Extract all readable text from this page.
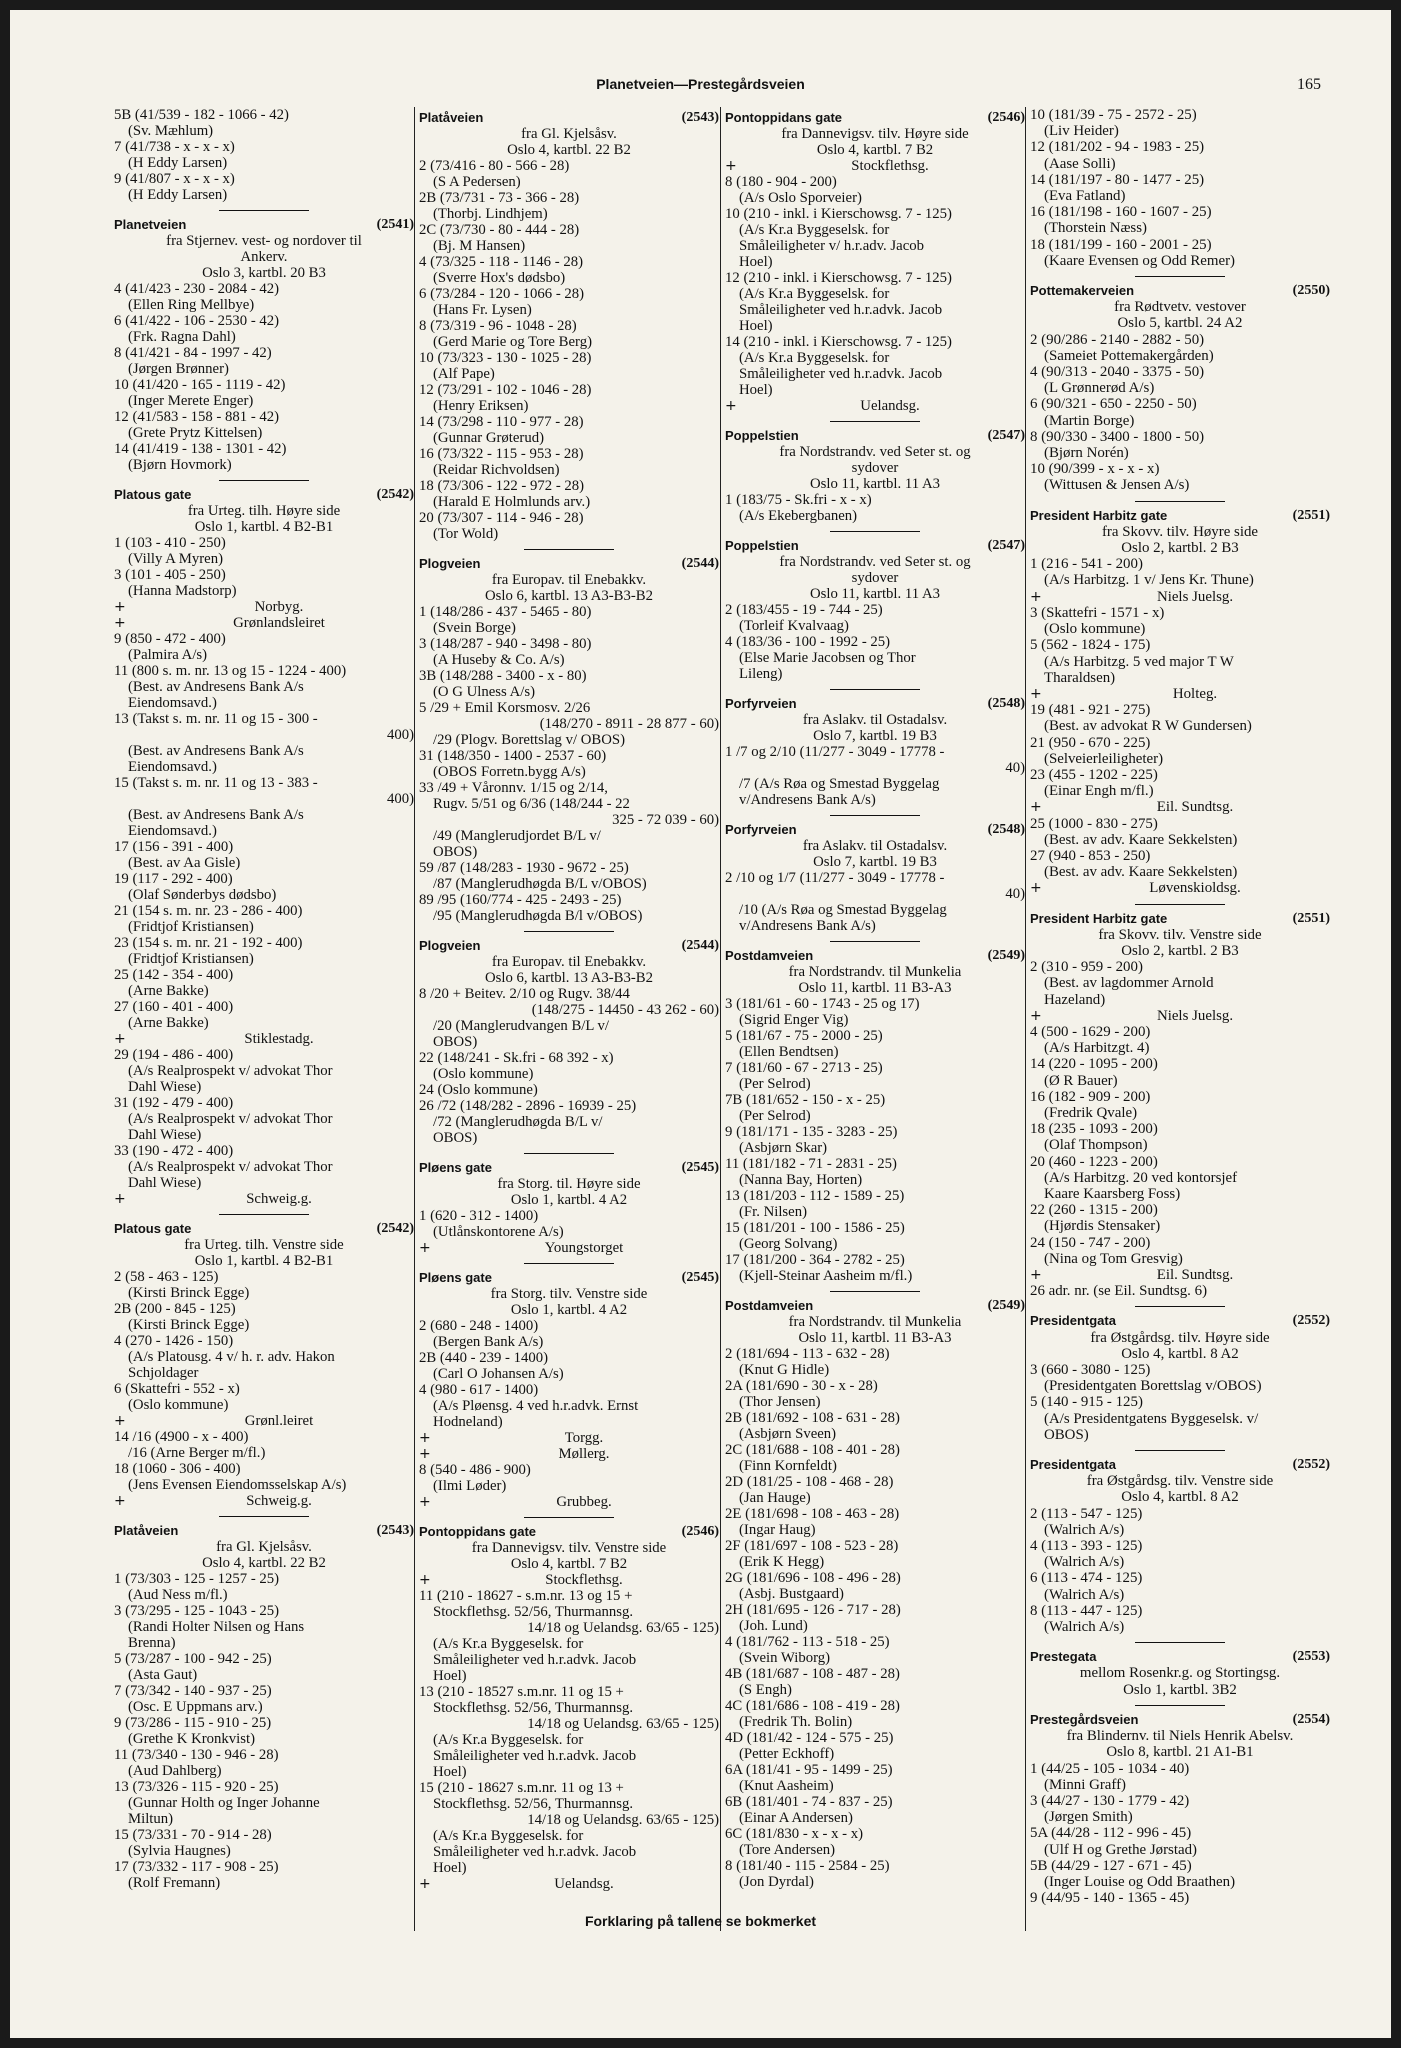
Planetveien—Prestegårdsveien	165
5B (41/539 - 182 - 1066 - 42)
(Sv. Mæhlum)
7 (41/738 - x - x - x)
(H Eddy Larsen)
9 (41/807 - x - x - x)
(H Eddy Larsen)
Planetveien	(2541)
fra Stjernev. vest- og nordover til
Ankerv.
Oslo 3, kartbl. 20 B3
4 (41/423 - 230 - 2084 - 42)
(Ellen Ring Mellbye)
6 (41/422 - 106 - 2530 - 42)
(Frk. Ragna Dahl)
8 (41/421 - 84 - 1997 - 42)
(Jørgen Brønner)
10 (41/420 - 165 - 1119 - 42)
(Inger Merete Enger)
12 (41/583 - 158 - 881 - 42)
(Grete Prytz Kittelsen)
14 (41/419 - 138 - 1301 - 42)
(Bjørn Hovmork)
Platous gate	(2542)
fra Urteg. tilh. Høyre side
Oslo 1, kartbl. 4 B2-B1
1 (103 - 410 - 250)
(Villy A Myren)
3 (101 - 405 - 250)
(Hanna Madstorp)
+	Norbyg.
+	Grønlandsleiret
9 (850 - 472 - 400)
(Palmira A/s)
11 (800 s. m. nr. 13 og 15 - 1224 - 400)
(Best. av Andresens Bank A/s
Eiendomsavd.)
13 (Takst s. m. nr. 11 og 15 - 300 -
400)
(Best. av Andresens Bank A/s
Eiendomsavd.)
15 (Takst s. m. nr. 11 og 13 - 383 -
400)
(Best. av Andresens Bank A/s
Eiendomsavd.)
17 (156 - 391 - 400)
(Best. av Aa Gisle)
19 (117 - 292 - 400)
(Olaf Sønderbys dødsbo)
21 (154 s. m. nr. 23 - 286 - 400)
(Fridtjof Kristiansen)
23 (154 s. m. nr. 21 - 192 - 400)
(Fridtjof Kristiansen)
25 (142 - 354 - 400)
(Arne Bakke)
27 (160 - 401 - 400)
(Arne Bakke)
+	Stiklestadg.
29 (194 - 486 - 400)
(A/s Realprospekt v/ advokat Thor
Dahl Wiese)
31 (192 - 479 - 400)
(A/s Realprospekt v/ advokat Thor
Dahl Wiese)
33 (190 - 472 - 400)
(A/s Realprospekt v/ advokat Thor
Dahl Wiese)
+	Schweig.g.
Platous gate	(2542)
fra Urteg. tilh. Venstre side
Oslo 1, kartbl. 4 B2-B1
2 (58 - 463 - 125)
(Kirsti Brinck Egge)
2B (200 - 845 - 125)
(Kirsti Brinck Egge)
4 (270 - 1426 - 150)
(A/s Platousg. 4 v/ h. r. adv. Hakon
Schjoldager
6 (Skattefri - 552 - x)
(Oslo kommune)
+	Grønl.leiret
14 /16 (4900 - x - 400)
/16 (Arne Berger m/fl.)
18 (1060 - 306 - 400)
(Jens Evensen Eiendomsselskap A/s)
+	Schweig.g.
Platåveien	(2543)
fra Gl. Kjelsåsv.
Oslo 4, kartbl. 22 B2
1 (73/303 - 125 - 1257 - 25)
(Aud Ness m/fl.)
3 (73/295 - 125 - 1043 - 25)
(Randi Holter Nilsen og Hans
Brenna)
5 (73/287 - 100 - 942 - 25)
(Asta Gaut)
7 (73/342 - 140 - 937 - 25)
(Osc. E Uppmans arv.)
9 (73/286 - 115 - 910 - 25)
(Grethe K Kronkvist)
11 (73/340 - 130 - 946 - 28)
(Aud Dahlberg)
13 (73/326 - 115 - 920 - 25)
(Gunnar Holth og Inger Johanne
Miltun)
15 (73/331 - 70 - 914 - 28)
(Sylvia Haugnes)
17 (73/332 - 117 - 908 - 25)
(Rolf Fremann)
Platåveien	(2543)
fra Gl. Kjelsåsv.
Oslo 4, kartbl. 22 B2
2 (73/416 - 80 - 566 - 28)
(S A Pedersen)
2B (73/731 - 73 - 366 - 28)
(Thorbj. Lindhjem)
2C (73/730 - 80 - 444 - 28)
(Bj. M Hansen)
4 (73/325 - 118 - 1146 - 28)
(Sverre Hox's dødsbo)
6 (73/284 - 120 - 1066 - 28)
(Hans Fr. Lysen)
8 (73/319 - 96 - 1048 - 28)
(Gerd Marie og Tore Berg)
10 (73/323 - 130 - 1025 - 28)
(Alf Pape)
12 (73/291 - 102 - 1046 - 28)
(Henry Eriksen)
14 (73/298 - 110 - 977 - 28)
(Gunnar Grøterud)
16 (73/322 - 115 - 953 - 28)
(Reidar Richvoldsen)
18 (73/306 - 122 - 972 - 28)
(Harald E Holmlunds arv.)
20 (73/307 - 114 - 946 - 28)
(Tor Wold)
Plogveien	(2544)
fra Europav. til Enebakkv.
Oslo 6, kartbl. 13 A3-B3-B2
1 (148/286 - 437 - 5465 - 80)
(Svein Borge)
3 (148/287 - 940 - 3498 - 80)
(A Huseby & Co. A/s)
3B (148/288 - 3400 - x - 80)
(O G Ulness A/s)
5 /29 + Emil Korsmosv. 2/26
(148/270 - 8911 - 28 877 - 60)
/29 (Plogv. Borettslag v/ OBOS)
31 (148/350 - 1400 - 2537 - 60)
(OBOS Forretn.bygg A/s)
33 /49 + Våronnv. 1/15 og 2/14,
Rugv. 5/51 og 6/36 (148/244 - 22
325 - 72 039 - 60)
/49 (Manglerudjordet B/L v/
OBOS)
59 /87 (148/283 - 1930 - 9672 - 25)
/87 (Manglerudhøgda B/L v/OBOS)
89 /95 (160/774 - 425 - 2493 - 25)
/95 (Manglerudhøgda B/l v/OBOS)
Plogveien	(2544)
fra Europav. til Enebakkv.
Oslo 6, kartbl. 13 A3-B3-B2
8 /20 + Beitev. 2/10 og Rugv. 38/44
(148/275 - 14450 - 43 262 - 60)
/20 (Manglerudvangen B/L v/
OBOS)
22 (148/241 - Sk.fri - 68 392 - x)
(Oslo kommune)
24 (Oslo kommune)
26 /72 (148/282 - 2896 - 16939 - 25)
/72 (Manglerudhøgda B/L v/
OBOS)
Pløens gate	(2545)
fra Storg. til. Høyre side
Oslo 1, kartbl. 4 A2
1 (620 - 312 - 1400)
(Utlånskontorene A/s)
+	Youngstorget
Pløens gate	(2545)
fra Storg. tilv. Venstre side
Oslo 1, kartbl. 4 A2
2 (680 - 248 - 1400)
(Bergen Bank A/s)
2B (440 - 239 - 1400)
(Carl O Johansen A/s)
4 (980 - 617 - 1400)
(A/s Pløensg. 4 ved h.r.advk. Ernst
Hodneland)
+	Torgg.
+	Møllerg.
8 (540 - 486 - 900)
(Ilmi Løder)
+	Grubbeg.
Pontoppidans gate	(2546)
fra Dannevigsv. tilv. Venstre side
Oslo 4, kartbl. 7 B2
+	Stockflethsg.
11 (210 - 18627 - s.m.nr. 13 og 15 +
Stockflethsg. 52/56, Thurmannsg.
14/18 og Uelandsg. 63/65 - 125)
(A/s Kr.a Byggeselsk. for
Småleiligheter ved h.r.advk. Jacob
Hoel)
13 (210 - 18527 s.m.nr. 11 og 15 +
Stockflethsg. 52/56, Thurmannsg.
14/18 og Uelandsg. 63/65 - 125)
(A/s Kr.a Byggeselsk. for
Småleiligheter ved h.r.advk. Jacob
Hoel)
15 (210 - 18627 s.m.nr. 11 og 13 +
Stockflethsg. 52/56, Thurmannsg.
14/18 og Uelandsg. 63/65 - 125)
(A/s Kr.a Byggeselsk. for
Småleiligheter ved h.r.advk. Jacob
Hoel)
+	Uelandsg.
Pontoppidans gate	(2546)
fra Dannevigsv. tilv. Høyre side
Oslo 4, kartbl. 7 B2
+	Stockflethsg.
8 (180 - 904 - 200)
(A/s Oslo Sporveier)
10 (210 - inkl. i Kierschowsg. 7 - 125)
(A/s Kr.a Byggeselsk. for
Småleiligheter v/ h.r.adv. Jacob
Hoel)
12 (210 - inkl. i Kierschowsg. 7 - 125)
(A/s Kr.a Byggeselsk. for
Småleiligheter ved h.r.advk. Jacob
Hoel)
14 (210 - inkl. i Kierschowsg. 7 - 125)
(A/s Kr.a Byggeselsk. for
Småleiligheter ved h.r.advk. Jacob
Hoel)
+	Uelandsg.
Poppelstien	(2547)
fra Nordstrandv. ved Seter st. og
sydover
Oslo 11, kartbl. 11 A3
1 (183/75 - Sk.fri - x - x)
(A/s Ekebergbanen)
Poppelstien	(2547)
fra Nordstrandv. ved Seter st. og
sydover
Oslo 11, kartbl. 11 A3
2 (183/455 - 19 - 744 - 25)
(Torleif Kvalvaag)
4 (183/36 - 100 - 1992 - 25)
(Else Marie Jacobsen og Thor
Lileng)
Porfyrveien	(2548)
fra Aslakv. til Ostadalsv.
Oslo 7, kartbl. 19 B3
1 /7 og 2/10 (11/277 - 3049 - 17778 -
40)
/7 (A/s Røa og Smestad Byggelag
v/Andresens Bank A/s)
Porfyrveien	(2548)
fra Aslakv. til Ostadalsv.
Oslo 7, kartbl. 19 B3
2 /10 og 1/7 (11/277 - 3049 - 17778 -
40)
/10 (A/s Røa og Smestad Byggelag
v/Andresens Bank A/s)
Postdamveien	(2549)
fra Nordstrandv. til Munkelia
Oslo 11, kartbl. 11 B3-A3
3 (181/61 - 60 - 1743 - 25 og 17)
(Sigrid Enger Vig)
5 (181/67 - 75 - 2000 - 25)
(Ellen Bendtsen)
7 (181/60 - 67 - 2713 - 25)
(Per Selrod)
7B (181/652 - 150 - x - 25)
(Per Selrod)
9 (181/171 - 135 - 3283 - 25)
(Asbjørn Skar)
11 (181/182 - 71 - 2831 - 25)
(Nanna Bay, Horten)
13 (181/203 - 112 - 1589 - 25)
(Fr. Nilsen)
15 (181/201 - 100 - 1586 - 25)
(Georg Solvang)
17 (181/200 - 364 - 2782 - 25)
(Kjell-Steinar Aasheim m/fl.)
Postdamveien	(2549)
fra Nordstrandv. til Munkelia
Oslo 11, kartbl. 11 B3-A3
2 (181/694 - 113 - 632 - 28)
(Knut G Hidle)
2A (181/690 - 30 - x - 28)
(Thor Jensen)
2B (181/692 - 108 - 631 - 28)
(Asbjørn Sveen)
2C (181/688 - 108 - 401 - 28)
(Finn Kornfeldt)
2D (181/25 - 108 - 468 - 28)
(Jan Hauge)
2E (181/698 - 108 - 463 - 28)
(Ingar Haug)
2F (181/697 - 108 - 523 - 28)
(Erik K Hegg)
2G (181/696 - 108 - 496 - 28)
(Asbj. Bustgaard)
2H (181/695 - 126 - 717 - 28)
(Joh. Lund)
4 (181/762 - 113 - 518 - 25)
(Svein Wiborg)
4B (181/687 - 108 - 487 - 28)
(S Engh)
4C (181/686 - 108 - 419 - 28)
(Fredrik Th. Bolin)
4D (181/42 - 124 - 575 - 25)
(Petter Eckhoff)
6A (181/41 - 95 - 1499 - 25)
(Knut Aasheim)
6B (181/401 - 74 - 837 - 25)
(Einar A Andersen)
6C (181/830 - x - x - x)
(Tore Andersen)
8 (181/40 - 115 - 2584 - 25)
(Jon Dyrdal)
10 (181/39 - 75 - 2572 - 25)
(Liv Heider)
12 (181/202 - 94 - 1983 - 25)
(Aase Solli)
14 (181/197 - 80 - 1477 - 25)
(Eva Fatland)
16 (181/198 - 160 - 1607 - 25)
(Thorstein Næss)
18 (181/199 - 160 - 2001 - 25)
(Kaare Evensen og Odd Remer)
Pottemakerveien	(2550)
fra Rødtvetv. vestover
Oslo 5, kartbl. 24 A2
2 (90/286 - 2140 - 2882 - 50)
(Sameiet Pottemakergården)
4 (90/313 - 2040 - 3375 - 50)
(L Grønnerød A/s)
6 (90/321 - 650 - 2250 - 50)
(Martin Borge)
8 (90/330 - 3400 - 1800 - 50)
(Bjørn Norén)
10 (90/399 - x - x - x)
(Wittusen & Jensen A/s)
President Harbitz gate	(2551)
fra Skovv. tilv. Høyre side
Oslo 2, kartbl. 2 B3
1 (216 - 541 - 200)
(A/s Harbitzg. 1 v/ Jens Kr. Thune)
+	Niels Juelsg.
3 (Skattefri - 1571 - x)
(Oslo kommune)
5 (562 - 1824 - 175)
(A/s Harbitzg. 5 ved major T W
Tharaldsen)
+	Holteg.
19 (481 - 921 - 275)
(Best. av advokat R W Gundersen)
21 (950 - 670 - 225)
(Selveierleiligheter)
23 (455 - 1202 - 225)
(Einar Engh m/fl.)
+	Eil. Sundtsg.
25 (1000 - 830 - 275)
(Best. av adv. Kaare Sekkelsten)
27 (940 - 853 - 250)
(Best. av adv. Kaare Sekkelsten)
+	Løvenskioldsg.
President Harbitz gate	(2551)
fra Skovv. tilv. Venstre side
Oslo 2, kartbl. 2 B3
2 (310 - 959 - 200)
(Best. av lagdommer Arnold
Hazeland)
+	Niels Juelsg.
4 (500 - 1629 - 200)
(A/s Harbitzgt. 4)
14 (220 - 1095 - 200)
(Ø R Bauer)
16 (182 - 909 - 200)
(Fredrik Qvale)
18 (235 - 1093 - 200)
(Olaf Thompson)
20 (460 - 1223 - 200)
(A/s Harbitzg. 20 ved kontorsjef
Kaare Kaarsberg Foss)
22 (260 - 1315 - 200)
(Hjørdis Stensaker)
24 (150 - 747 - 200)
(Nina og Tom Gresvig)
+	Eil. Sundtsg.
26 adr. nr. (se Eil. Sundtsg. 6)
Presidentgata	(2552)
fra Østgårdsg. tilv. Høyre side
Oslo 4, kartbl. 8 A2
3 (660 - 3080 - 125)
(Presidentgaten Borettslag v/OBOS)
5 (140 - 915 - 125)
(A/s Presidentgatens Byggeselsk. v/
OBOS)
Presidentgata	(2552)
fra Østgårdsg. tilv. Venstre side
Oslo 4, kartbl. 8 A2
2 (113 - 547 - 125)
(Walrich A/s)
4 (113 - 393 - 125)
(Walrich A/s)
6 (113 - 474 - 125)
(Walrich A/s)
8 (113 - 447 - 125)
(Walrich A/s)
Prestegata	(2553)
mellom Rosenkr.g. og Stortingsg.
Oslo 1, kartbl. 3B2
Prestegårdsveien	(2554)
fra Blindernv. til Niels Henrik Abelsv.
Oslo 8, kartbl. 21 A1-B1
1 (44/25 - 105 - 1034 - 40)
(Minni Graff)
3 (44/27 - 130 - 1779 - 42)
(Jørgen Smith)
5A (44/28 - 112 - 996 - 45)
(Ulf H og Grethe Jørstad)
5B (44/29 - 127 - 671 - 45)
(Inger Louise og Odd Braathen)
9 (44/95 - 140 - 1365 - 45)
Forklaring på tallene se bokmerket
